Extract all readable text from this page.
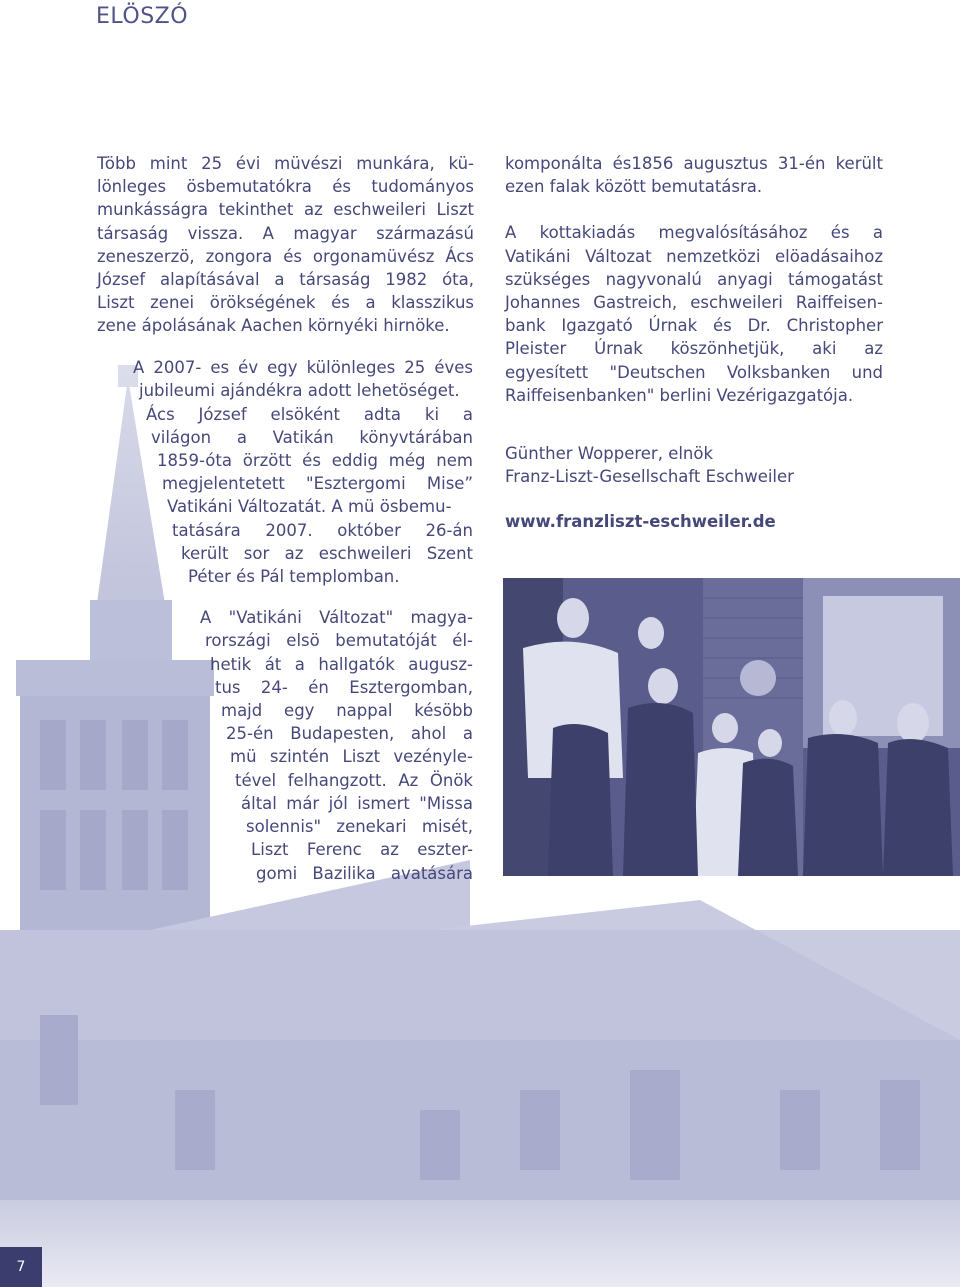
ELÖSZÓ
Több mint 25 évi müvészi munkára, kü-
lönleges ösbemutatókra és tudományos
munkásságra tekinthet az eschweileri Liszt
társaság vissza. A magyar származású
zeneszerzö, zongora és orgonamüvész Ács
József alapításával a társaság 1982 óta,
Liszt zenei örökségének és a klasszikus
zene ápolásának Aachen környéki hirnöke.
A 2007- es év egy különleges 25 éves
jubileumi ajándékra adott lehetöséget.
Ács József elsöként adta ki a
világon a Vatikán könyvtárában
1859-óta örzött és eddig még nem
megjelentetett "Esztergomi Mise”
Vatikáni Változatát. A mü ösbemu-
tatására 2007. október 26-án
került sor az eschweileri Szent
Péter és Pál templomban.
A "Vatikáni Változat" magya-
rországi elsö bemutatóját él-
hetik át a hallgatók augusz-
tus 24- én Esztergomban,
majd egy nappal késöbb
25-én Budapesten, ahol a
mü szintén Liszt vezényle-
tével felhangzott. Az Önök
által már jól ismert "Missa
solennis" zenekari misét,
Liszt Ferenc az eszter-
gomi Bazilika avatására
komponálta és1856 augusztus 31-én került
ezen falak között bemutatásra.
A kottakiadás megvalósításához és a
Vatikáni Változat nemzetközi elöadásaihoz
szükséges nagyvonalú anyagi támogatást
Johannes Gastreich, eschweileri Raiffeisen-
bank Igazgató Úrnak és Dr. Christopher
Pleister Úrnak köszönhetjük, aki az
egyesített "Deutschen Volksbanken und
Raiffeisenbanken" berlini Vezérigazgatója.
Günther Wopperer, elnök
Franz-Liszt-Gesellschaft Eschweiler
www.franzliszt-eschweiler.de
7
